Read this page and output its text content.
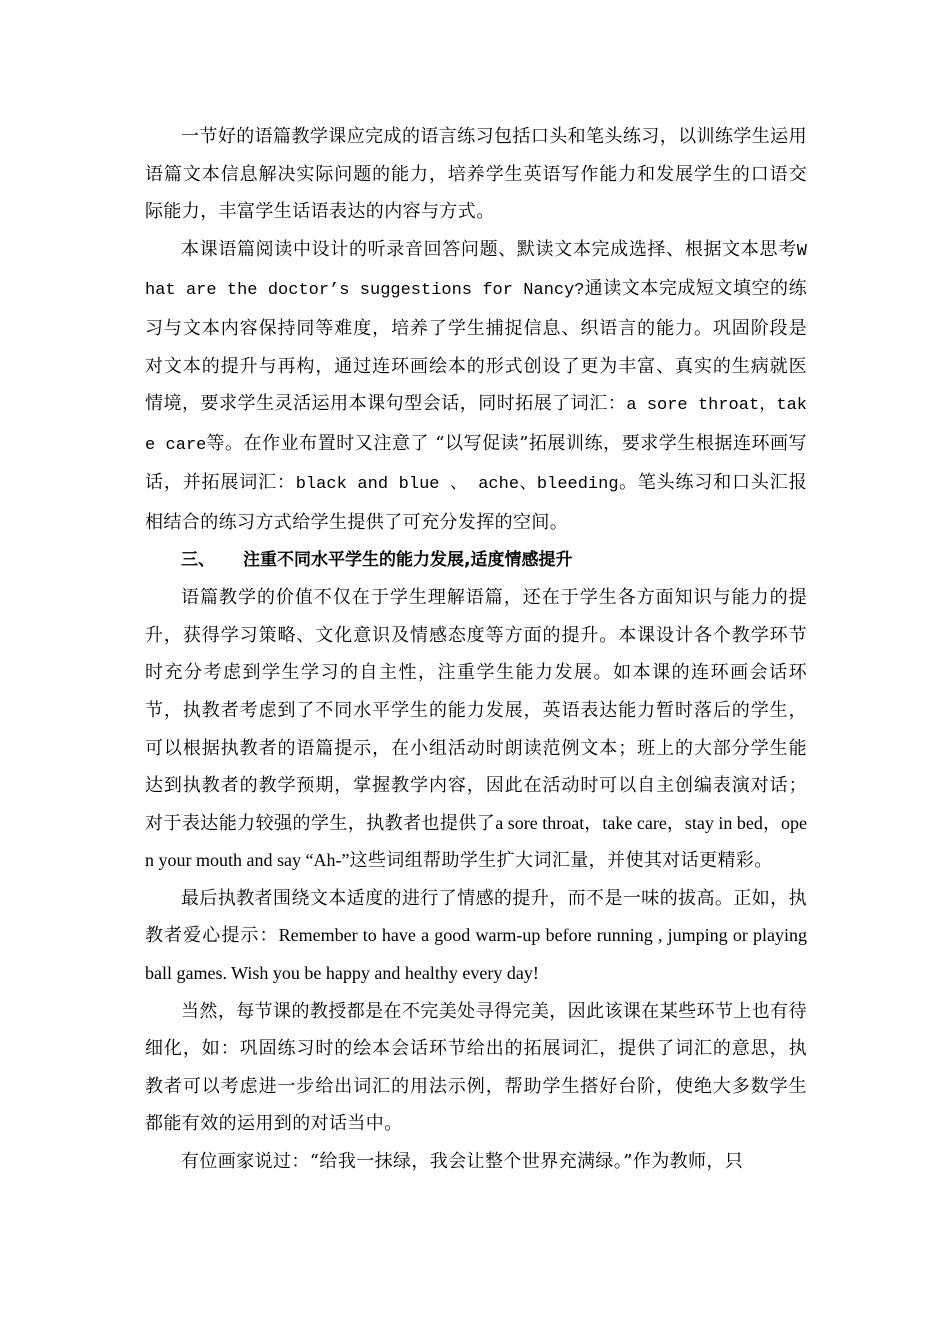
一节好的语篇教学课应完成的语言练习包括口头和笔头练习，以训练学生运用语篇文本信息解决实际问题的能力，培养学生英语写作能力和发展学生的口语交际能力，丰富学生话语表达的内容与方式。

本课语篇阅读中设计的听录音回答问题、默读文本完成选择、根据文本思考What are the doctor’s suggestions for Nancy?通读文本完成短文填空的练习与文本内容保持同等难度，培养了学生捕捉信息、织语言的能力。巩固阶段是对文本的提升与再构，通过连环画绘本的形式创设了更为丰富、真实的生病就医情境，要求学生灵活运用本课句型会话，同时拓展了词汇：a sore throat，take care等。在作业布置时又注意了 “以写促读”拓展训练，要求学生根据连环画写话，并拓展词汇：black and blue 、 ache、bleeding。笔头练习和口头汇报相结合的练习方式给学生提供了可充分发挥的空间。

三、	注重不同水平学生的能力发展,适度情感提升

语篇教学的价值不仅在于学生理解语篇，还在于学生各方面知识与能力的提升，获得学习策略、文化意识及情感态度等方面的提升。本课设计各个教学环节时充分考虑到学生学习的自主性，注重学生能力发展。如本课的连环画会话环节，执教者考虑到了不同水平学生的能力发展，英语表达能力暂时落后的学生，可以根据执教者的语篇提示，在小组活动时朗读范例文本；班上的大部分学生能达到执教者的教学预期，掌握教学内容，因此在活动时可以自主创编表演对话；对于表达能力较强的学生，执教者也提供了a sore throat，take care，stay in bed，open your mouth and say “Ah-”这些词组帮助学生扩大词汇量，并使其对话更精彩。

最后执教者围绕文本适度的进行了情感的提升，而不是一味的拔高。正如，执教者爱心提示：Remember to have a good warm-up before running , jumping or playing ball games. Wish you be happy and healthy every day!

当然，每节课的教授都是在不完美处寻得完美，因此该课在某些环节上也有待细化，如：巩固练习时的绘本会话环节给出的拓展词汇，提供了词汇的意思，执教者可以考虑进一步给出词汇的用法示例，帮助学生搭好台阶，使绝大多数学生都能有效的运用到的对话当中。

有位画家说过：“给我一抹绿，我会让整个世界充满绿。”作为教师，只
